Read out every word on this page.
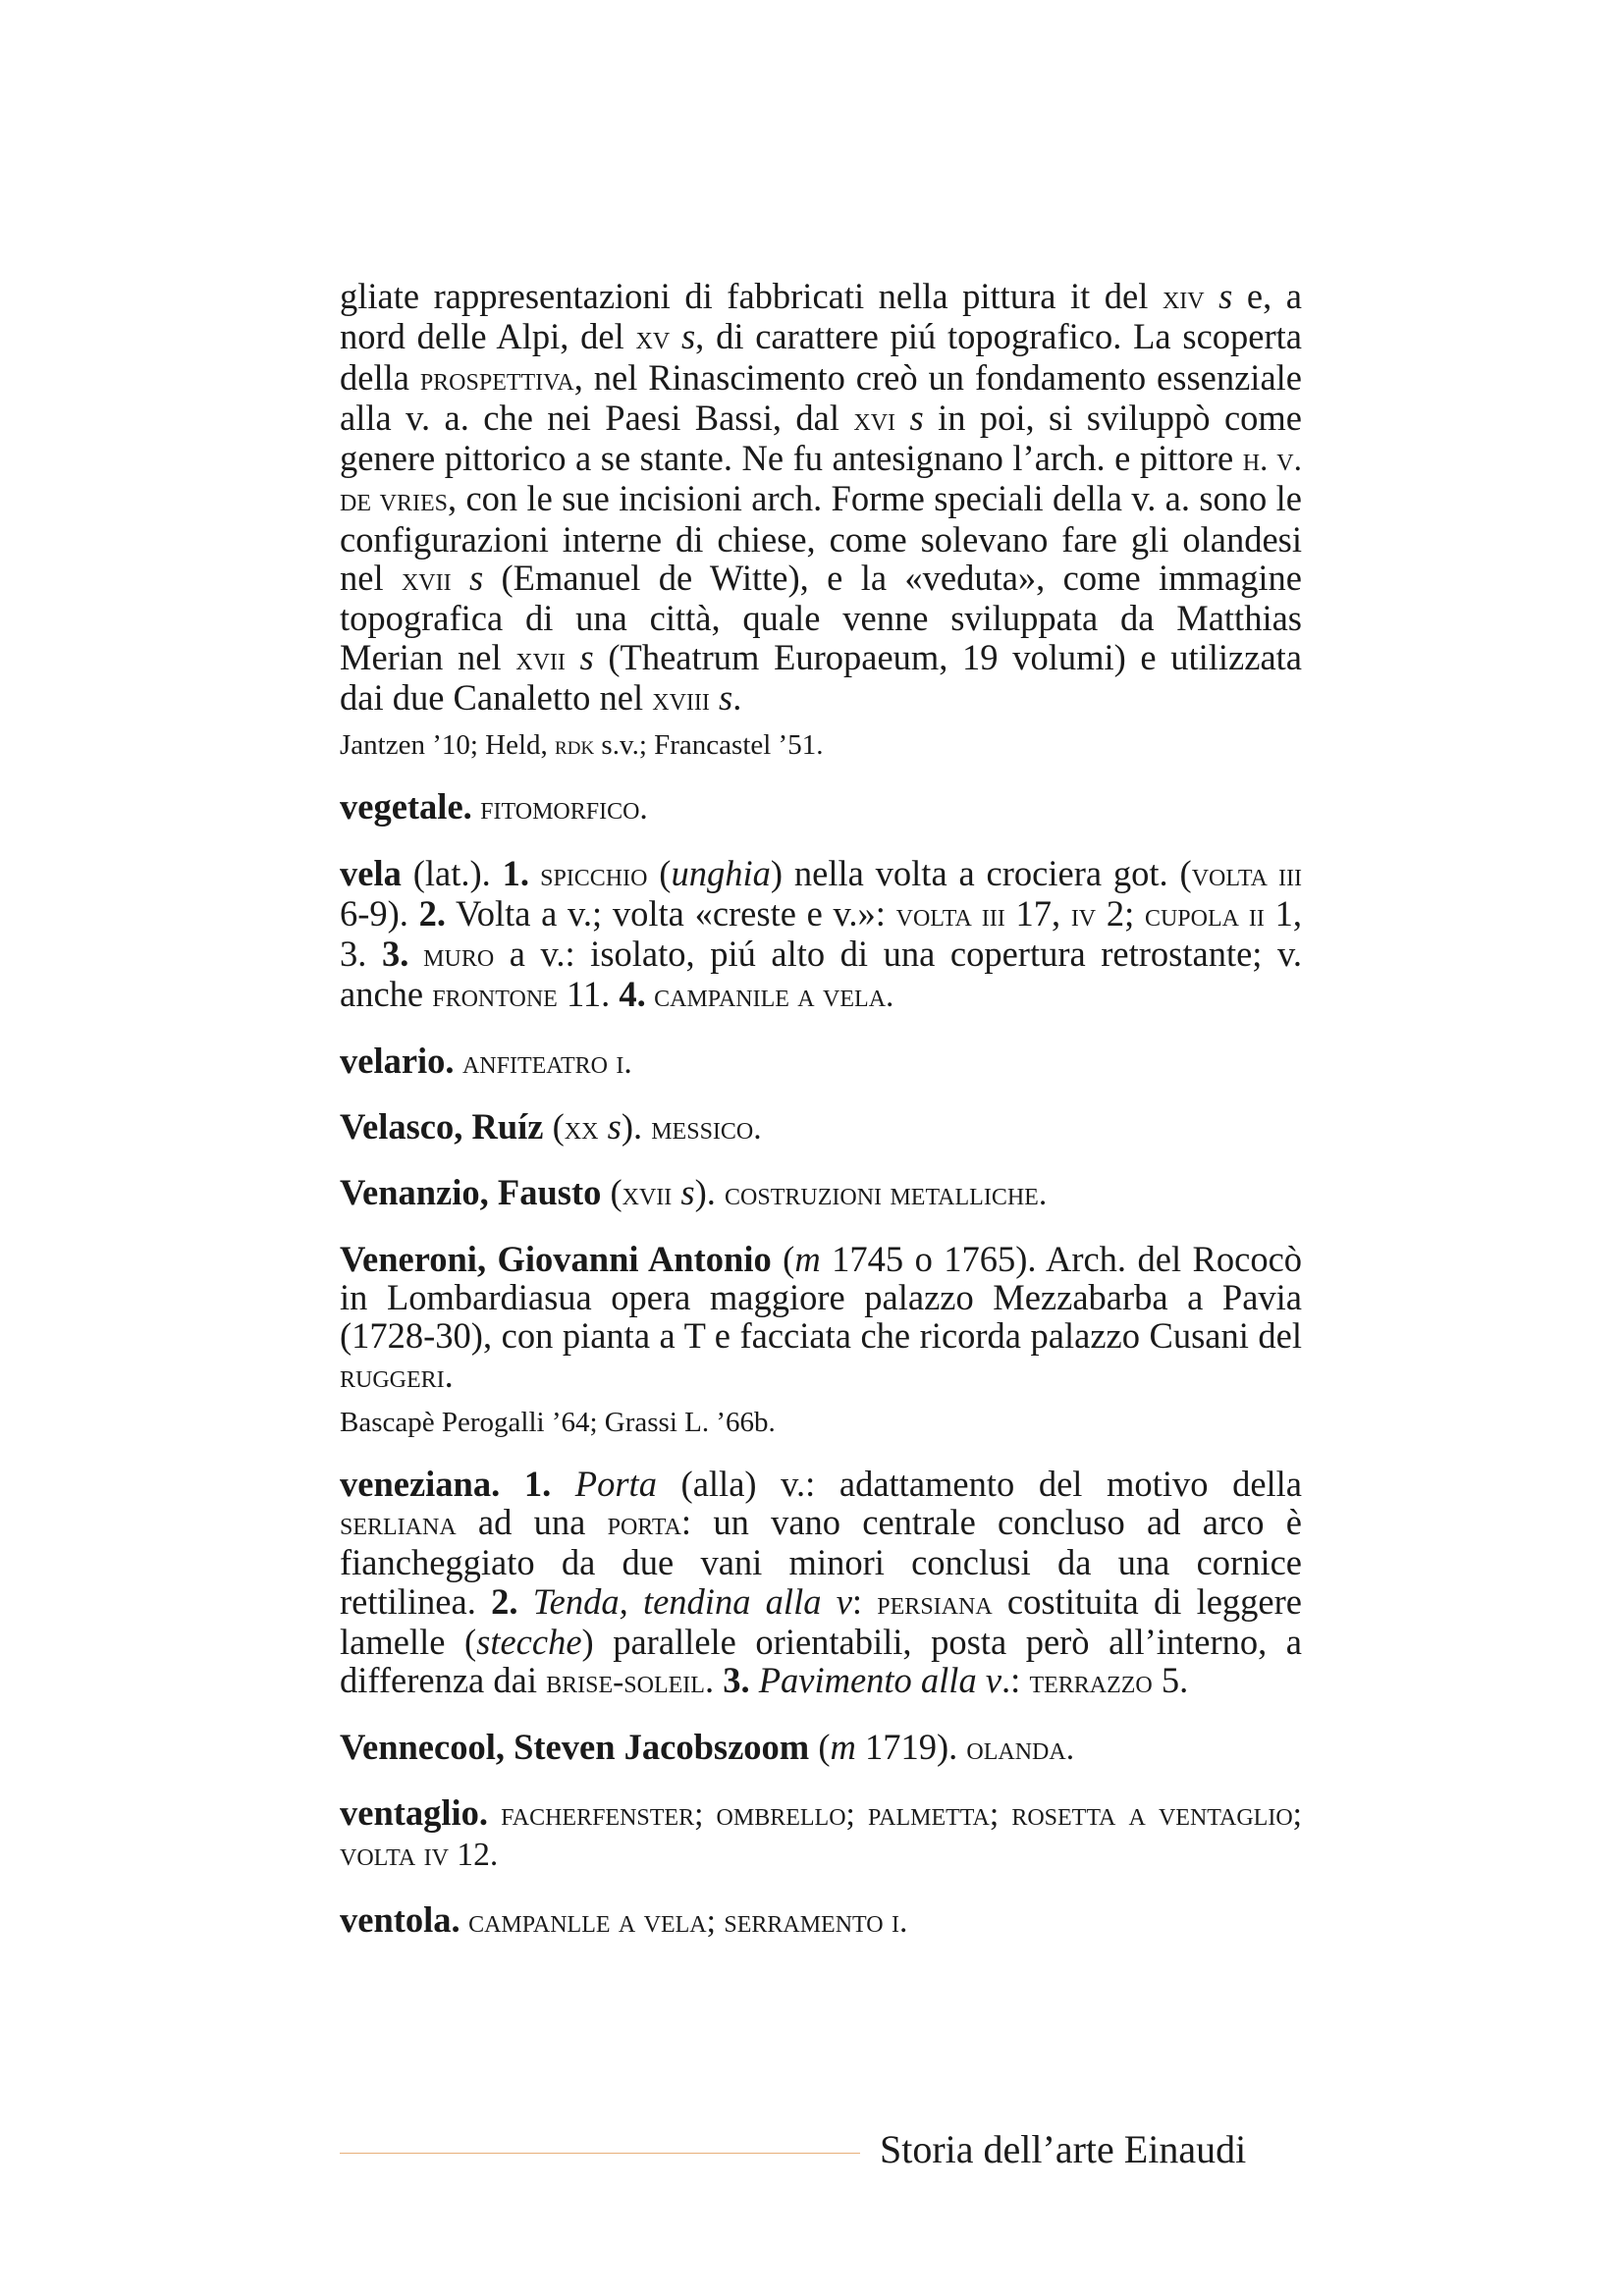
gliate rappresentazioni di fabbricati nella pittura it del xiv s e, a nord delle Alpi, del xv s, di carattere piú topografico. La scoperta della prospettiva, nel Rinascimento creò un fondamento essenziale alla v. a. che nei Paesi Bassi, dal xvi s in poi, si sviluppò come genere pittorico a se stante. Ne fu antesignano l’arch. e pittore h. v. de vries, con le sue incisioni arch. Forme speciali della v. a. sono le configurazioni interne di chiese, come solevano fare gli olandesi nel xvii s (Emanuel de Witte), e la «veduta», come immagine topografica di una città, quale venne sviluppata da Matthias Merian nel xvii s (Theatrum Europaeum, 19 volumi) e utilizzata dai due Canaletto nel xviii s.

Jantzen ’10; Held, rdk s.v.; Francastel ’51.

vegetale. fitomorfico.

vela (lat.). 1. spicchio (unghia) nella volta a crociera got. (volta iii 6-9). 2. Volta a v.; volta «creste e v.»: volta iii 17, iv 2; cupola ii 1, 3. 3. muro a v.: isolato, piú alto di una copertura retrostante; v. anche frontone 11. 4. campanile a vela.

velario. anfiteatro i.

Velasco, Ruíz (xx s). messico.

Venanzio, Fausto (xvii s). costruzioni metalliche.

Veneroni, Giovanni Antonio (m 1745 o 1765). Arch. del Rococò in Lombardiasua opera maggiore palazzo Mezzabarba a Pavia (1728-30), con pianta a T e facciata che ricorda palazzo Cusani del ruggeri.

Bascapè Perogalli ’64; Grassi L. ’66b.

veneziana. 1. Porta (alla) v.: adattamento del motivo della serliana ad una porta: un vano centrale concluso ad arco è fiancheggiato da due vani minori conclusi da una cornice rettilinea. 2. Tenda, tendina alla v: persiana costituita di leggere lamelle (stecche) parallele orientabili, posta però all’interno, a differenza dai brise-soleil. 3. Pavimento alla v.: terrazzo 5.

Vennecool, Steven Jacobszoom (m 1719). olanda.

ventaglio. facherfenster; ombrello; palmetta; rosetta a ventaglio; volta iv 12.

ventola. campanlle a vela; serramento i.

Storia dell’arte Einaudi
